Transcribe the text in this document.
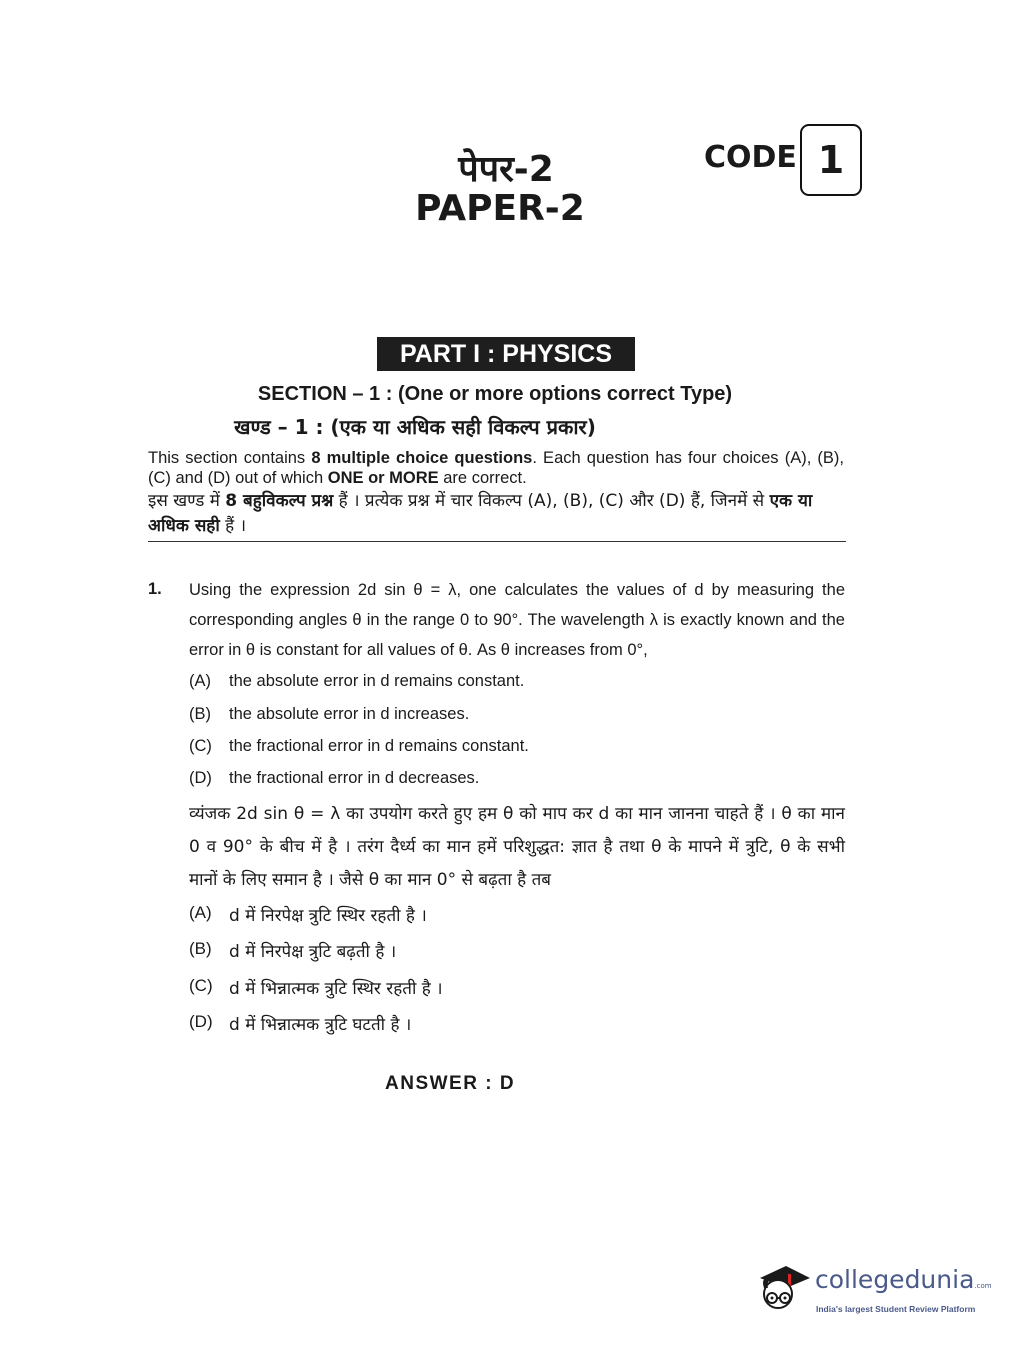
पेपर-2
PAPER-2
CODE 1
PART I : PHYSICS
SECTION – 1 : (One or more options correct Type)
खण्ड – 1 : (एक या अधिक सही विकल्प प्रकार)
This section contains 8 multiple choice questions. Each question has four choices (A), (B), (C) and (D) out of which ONE or MORE are correct.
इस खण्ड में 8 बहुविकल्प प्रश्न हैं । प्रत्येक प्रश्न में चार विकल्प (A), (B), (C) और (D) हैं, जिनमें से एक या अधिक सही हैं ।
1. Using the expression 2d sin θ = λ, one calculates the values of d by measuring the corresponding angles θ in the range 0 to 90°. The wavelength λ is exactly known and the error in θ is constant for all values of θ. As θ increases from 0°,
(A)	the absolute error in d remains constant.
(B)	the absolute error in d increases.
(C)	the fractional error in d remains constant.
(D)	the fractional error in d decreases.
व्यंजक 2d sin θ = λ का उपयोग करते हुए हम θ को माप कर d का मान जानना चाहते हैं । θ का मान 0 व 90° के बीच में है । तरंग दैर्ध्य का मान हमें परिशुद्धत: ज्ञात है तथा θ के मापने में त्रुटि, θ के सभी मानों के लिए समान है । जैसे θ का मान 0° से बढ़ता है तब
(A)	d में निरपेक्ष त्रुटि स्थिर रहती है ।
(B)	d में निरपेक्ष त्रुटि बढ़ती है ।
(C) d में भिन्नात्मक त्रुटि स्थिर रहती है ।
(D) d में भिन्नात्मक त्रुटि घटती है ।
ANSWER : D
collegedunia.com
India's largest Student Review Platform
